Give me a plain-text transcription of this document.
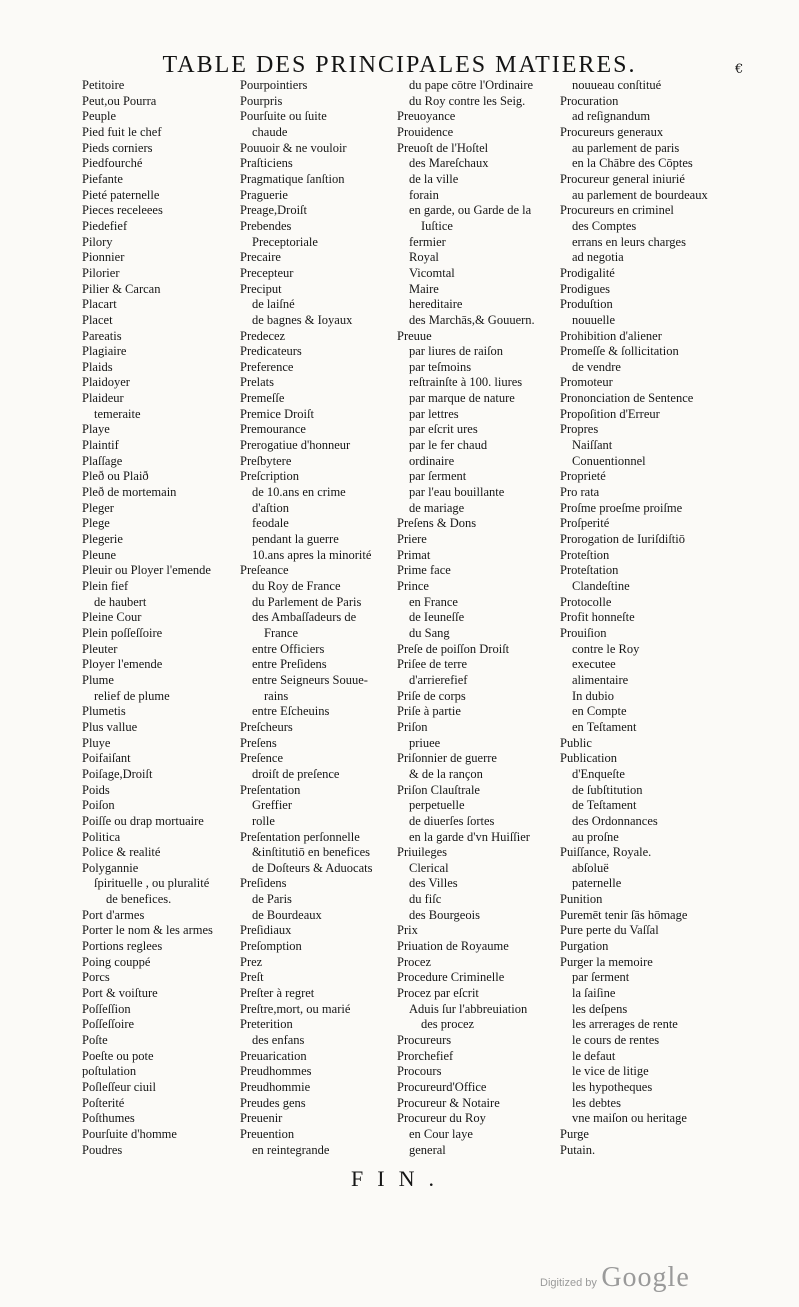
TABLE DES PRINCIPALES MATIERES.	€
Petitoire
Peut,ou Pourra
Peuple
Pied fuit le chef
Pieds corniers
Piedfourché
Piefante
Pieté paternelle
Pieces receleees
Piedefief
Pilory
Pionnier
Pilorier
Pilier & Carcan
Placart
Placet
Pareatis
Plagiaire
Plaids
Plaidoyer
Plaideur
temeraite
Playe
Plaintif
Plaſſage
Pleð ou Plaið
Pleð de mortemain
Pleger
Plege
Plegerie
Pleune
Pleuir ou Ployer l'emende
Plein fief
de haubert
Pleine Cour
Plein poſſeſſoire
Pleuter
Ployer l'emende
Plume
relief de plume
Plumetis
Plus vallue
Pluye
Poifaiſant
Poiſage,Droiſt
Poids
Poiſon
Poiſſe ou drap mortuaire
Politica
Police & realité
Polygannie
ſpirituelle , ou pluralité
de benefices.
Port d'armes
Porter le nom & les armes
Portions reglees
Poing couppé
Porcs
Port & voiſture
Poſſeſſion
Poſſeſſoire
Poſte
Poeſte ou pote
poſtulation
Poſleſſeur ciuil
Poſterité
Poſthumes
Pourſuite d'homme
Poudres
Pourpointiers
Pourpris
Pourſuite ou ſuite
chaude
Pouuoir & ne vouloir
Praſticiens
Pragmatique ſanſtion
Praguerie
Preage,Droiſt
Prebendes
Preceptoriale
Precaire
Precepteur
Preciput
de laiſné
de bagnes & Ioyaux
Predecez
Predicateurs
Preference
Prelats
Premeſſe
Premice Droiſt
Premourance
Prerogatiue d'honneur
Preſbytere
Preſcription
de 10.ans en crime
d'aſtion
feodale
pendant la guerre
10.ans apres la minorité
Preſeance
du Roy de France
du Parlement de Paris
des Ambaſſadeurs de
France
entre Officiers
entre Preſidens
entre Seigneurs Souue-
rains
entre Eſcheuins
Preſcheurs
Preſens
Preſence
droiſt de preſence
Preſentation
Greffier
rolle
Preſentation perſonnelle
&inſtitutiō en benefices
de Doſteurs & Aduocats
Preſidens
de Paris
de Bourdeaux
Preſidiaux
Preſomption
Prez
Preſt
Preſter à regret
Preſtre,mort, ou marié
Preterition
des enfans
Preuarication
Preudhommes
Preudhommie
Preudes gens
Preuenir
Preuention
en reintegrande
du pape cōtre l'Ordinaire
du Roy contre les Seig.
Preuoyance
Prouidence
Preuoſt de l'Hoſtel
des Mareſchaux
de la ville
forain
en garde, ou Garde de la
Iuſtice
fermier
Royal
Vicomtal
Maire
hereditaire
des Marchās,& Gouuern.
Preuue
par liures de raiſon
par teſmoins
reſtrainſte à 100. liures
par marque de nature
par lettres
par eſcrit ures
par le fer chaud
ordinaire
par ſerment
par l'eau bouillante
de mariage
Preſens & Dons
Priere
Primat
Prime face
Prince
en France
de Ieuneſſe
du Sang
Preſe de poiſſon Droiſt
Priſee de terre
d'arrierefief
Priſe de corps
Priſe à partie
Priſon
priuee
Priſonnier de guerre
& de la rançon
Priſon Clauſtrale
perpetuelle
de diuerſes ſortes
en la garde d'vn Huiſſier
Priuileges
Clerical
des Villes
du fiſc
des Bourgeois
Prix
Priuation de Royaume
Procez
Procedure Criminelle
Procez par eſcrit
Aduis ſur l'abbreuiation
des procez
Procureurs
Prorchefief
Procours
Procureurd'Office
Procureur & Notaire
Procureur du Roy
en Cour laye
general
nouueau conſtitué
Procuration
ad reſignandum
Procureurs generaux
au parlement de paris
en la Chābre des Cōptes
Procureur general iniurié
au parlement de bourdeaux
Procureurs en criminel
des Comptes
errans en leurs charges
ad negotia
Prodigalité
Prodigues
Produſtion
nouuelle
Prohibition d'aliener
Promeſſe & ſollicitation
de vendre
Promoteur
Prononciation de Sentence
Propoſition d'Erreur
Propres
Naiſſant
Conuentionnel
Proprieté
Pro rata
Proſme proeſme proiſme
Proſperité
Prorogation de Iuriſdiſtiō
Proteſtion
Proteſtation
Clandeſtine
Protocolle
Profit honneſte
Prouiſion
contre le Roy
executee
alimentaire
In dubio
en Compte
en Teſtament
Public
Publication
d'Enqueſte
de ſubſtitution
de Teſtament
des Ordonnances
au proſne
Puiſſance, Royale.
abſoluë
paternelle
Punition
Puremēt tenir ſās hōmage
Pure perte du Vaſſal
Purgation
Purger la memoire
par ſerment
la ſaiſine
les deſpens
les arrerages de rente
le cours de rentes
le defaut
le vice de litige
les hypotheques
les debtes
vne maiſon ou heritage
Purge
Putain.
FIN.
Digitized by Google
